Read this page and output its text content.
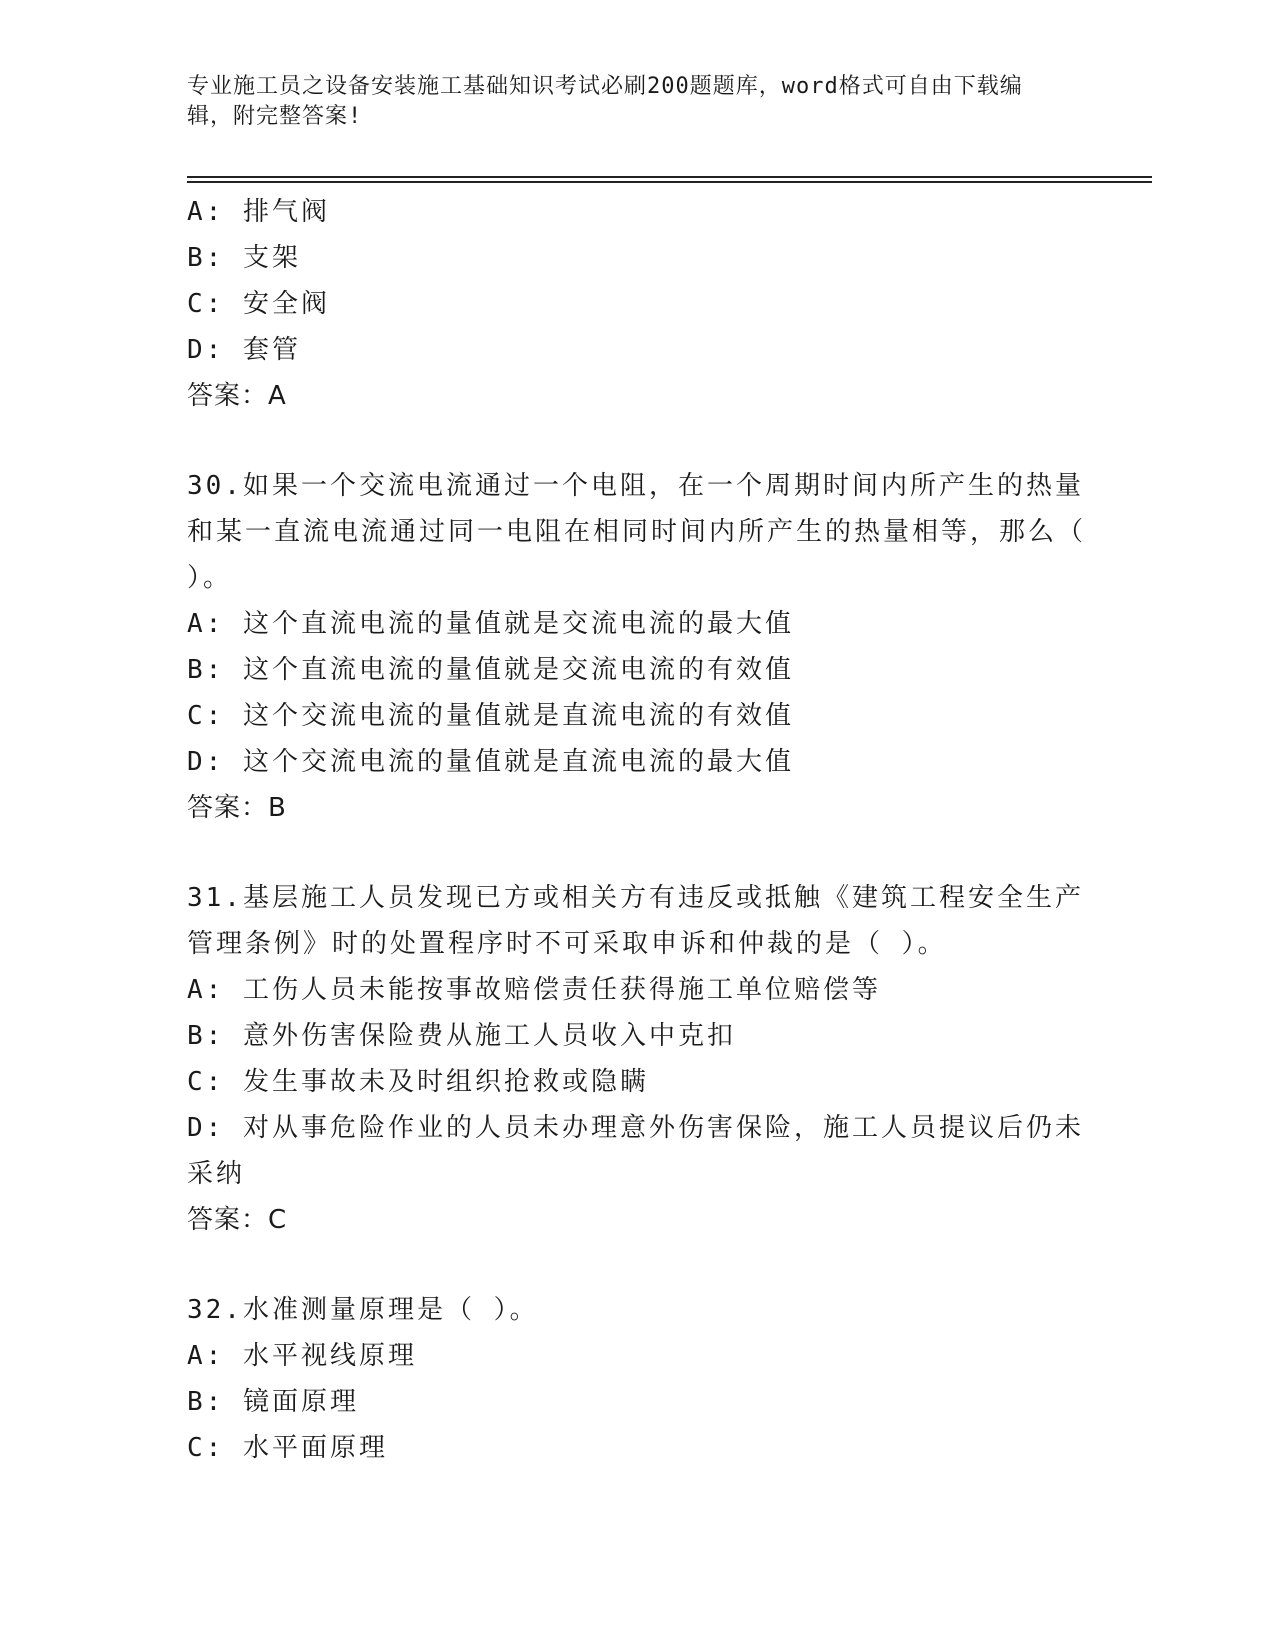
专业施工员之设备安装施工基础知识考试必刷200题题库，word格式可自由下载编辑，附完整答案!

A: 排气阀

B: 支架

C: 安全阀

D: 套管

答案：A

30.如果一个交流电流通过一个电阻，在一个周期时间内所产生的热量和某一直流电流通过同一电阻在相同时间内所产生的热量相等，那么（ ）。

A: 这个直流电流的量值就是交流电流的最大值

B: 这个直流电流的量值就是交流电流的有效值

C: 这个交流电流的量值就是直流电流的有效值

D: 这个交流电流的量值就是直流电流的最大值

答案：B

31.基层施工人员发现已方或相关方有违反或抵触《建筑工程安全生产管理条例》时的处置程序时不可采取申诉和仲裁的是（ ）。

A: 工伤人员未能按事故赔偿责任获得施工单位赔偿等

B: 意外伤害保险费从施工人员收入中克扣

C: 发生事故未及时组织抢救或隐瞒

D: 对从事危险作业的人员未办理意外伤害保险，施工人员提议后仍未采纳

答案：C

32.水准测量原理是（ ）。

A: 水平视线原理

B: 镜面原理

C: 水平面原理
